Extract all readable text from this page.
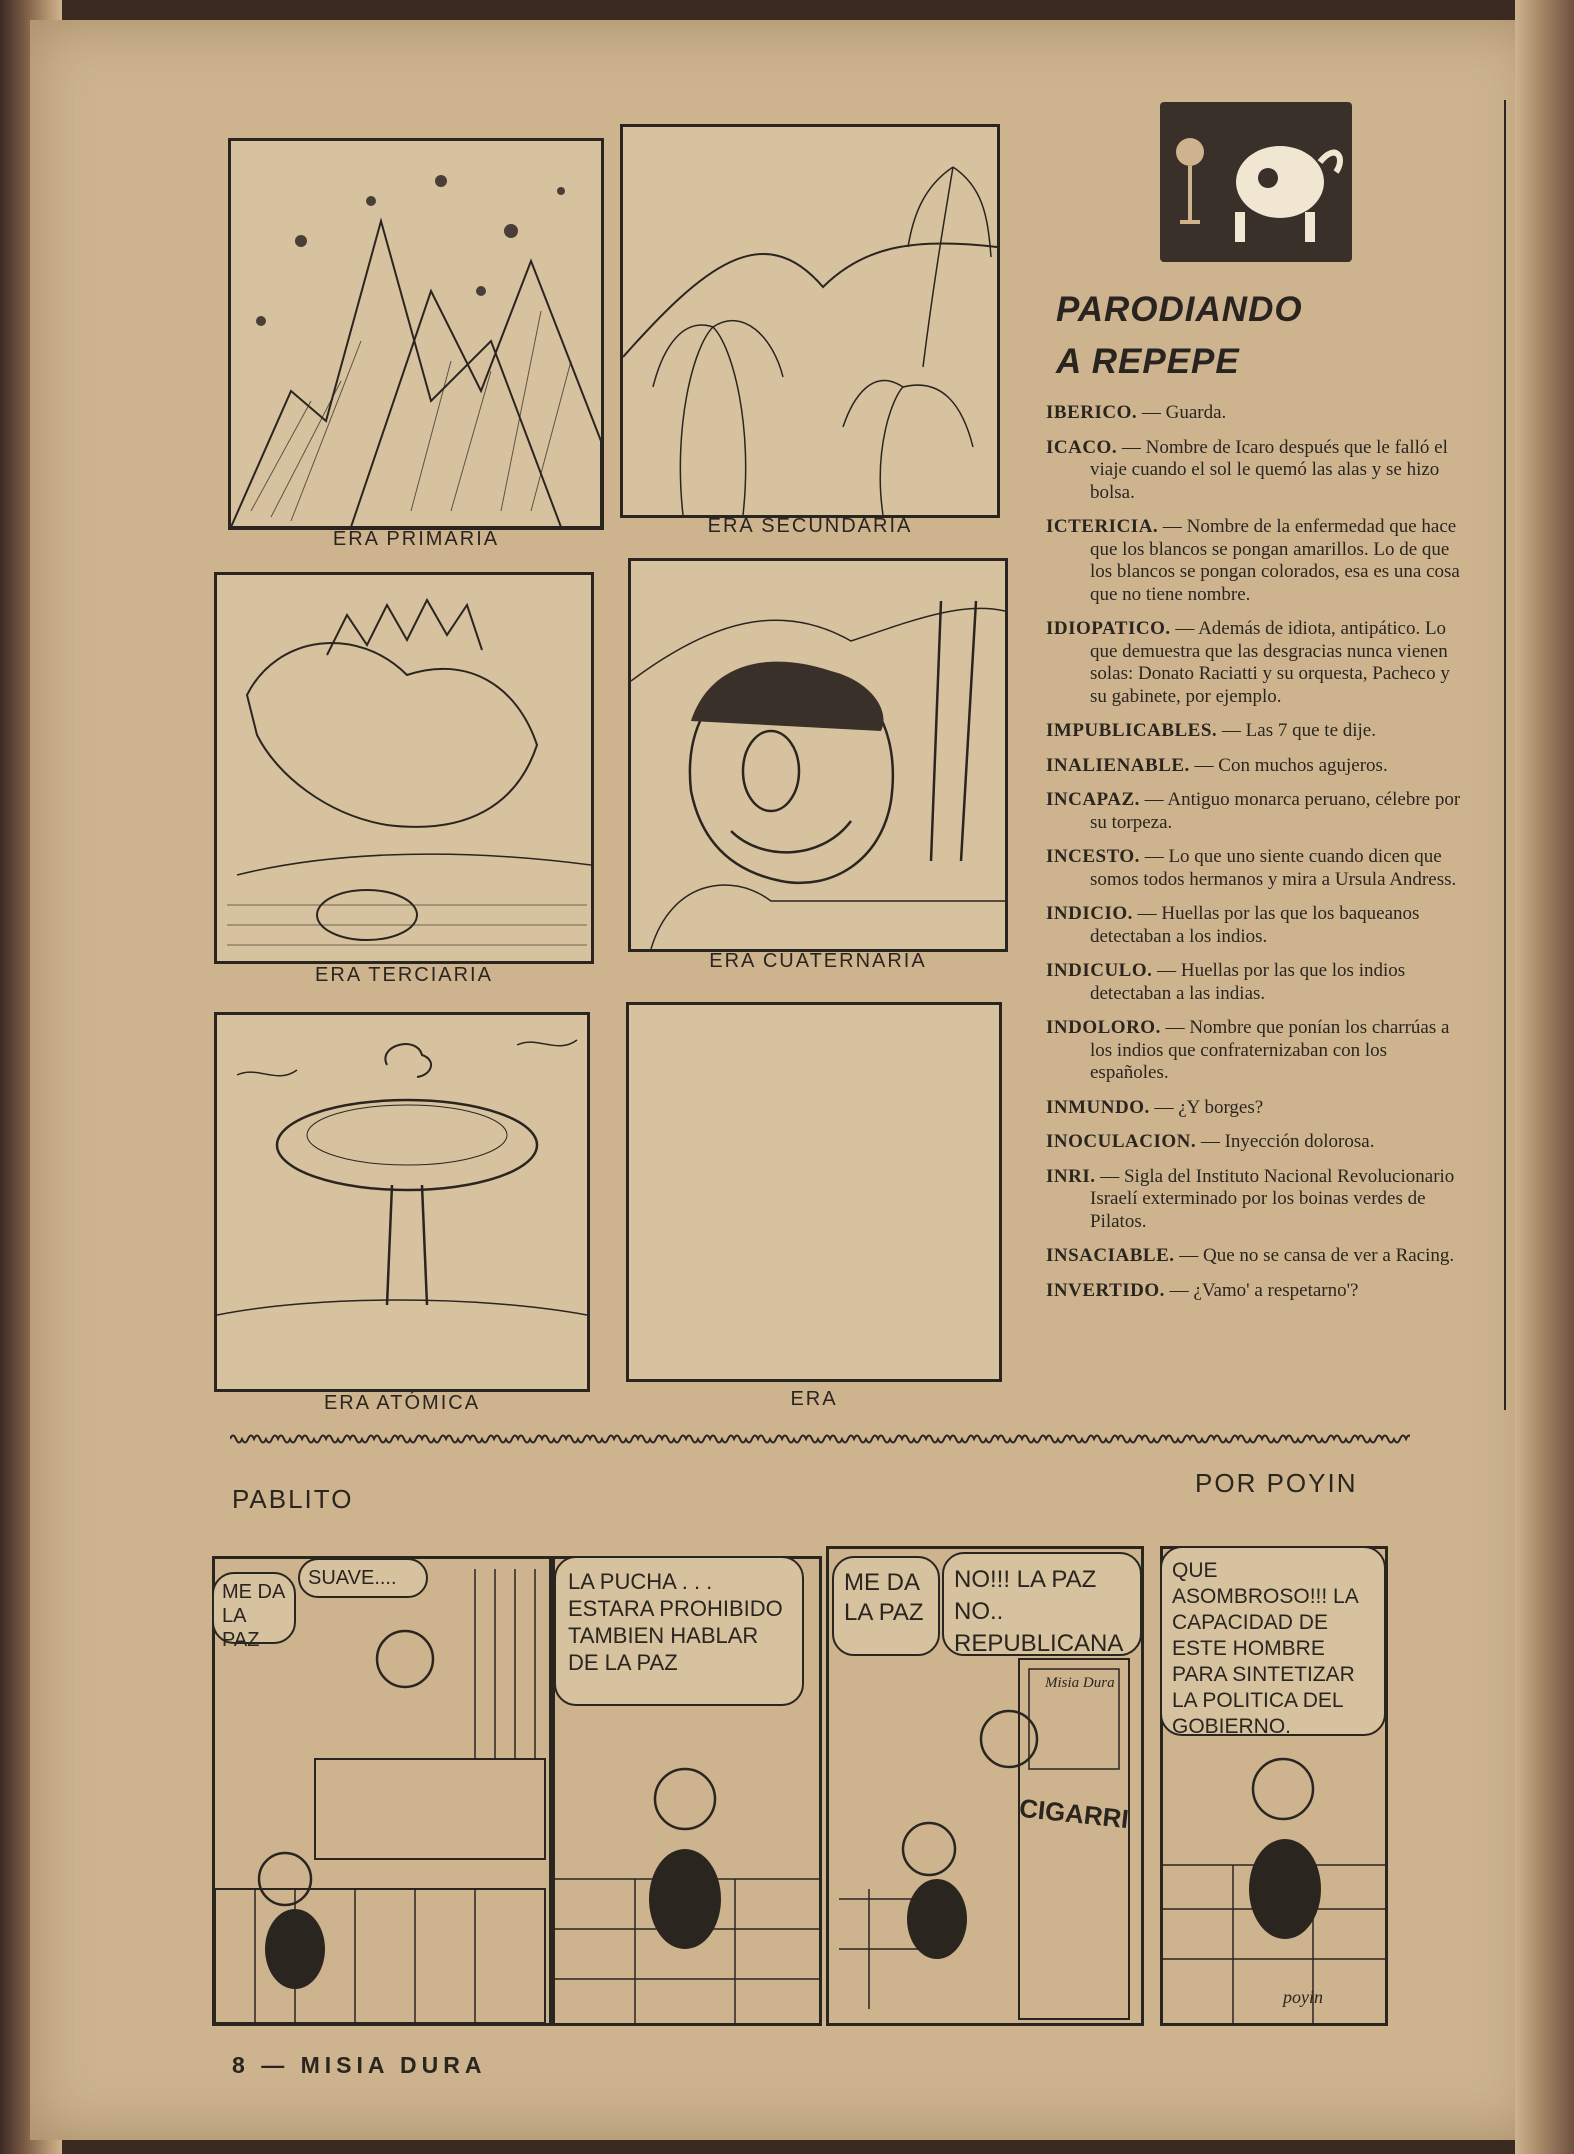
ERA PRIMARIA
ERA SECUNDARIA
ERA TERCIARIA
ERA CUATERNARIA
ERA ATÓMICA	ERA
PARODIANDO
A REPEPE
IBERICO. — Guarda.
ICACO. — Nombre de Icaro después que le falló el viaje cuando el sol le quemó las alas y se hizo bolsa.
ICTERICIA. — Nombre de la enfermedad que hace que los blancos se pongan amarillos. Lo de que los blancos se pongan colorados, esa es una cosa que no tiene nombre.
IDIOPATICO. — Además de idiota, antipático. Lo que demuestra que las desgracias nunca vienen solas: Donato Raciatti y su orquesta, Pacheco y su gabinete, por ejemplo.
IMPUBLICABLES. — Las 7 que te dije.
INALIENABLE. — Con muchos agujeros.
INCAPAZ. — Antiguo monarca peruano, célebre por su torpeza.
INCESTO. — Lo que uno siente cuando dicen que somos todos hermanos y mira a Ursula Andress.
INDICIO. — Huellas por las que los baqueanos detectaban a los indios.
INDICULO. — Huellas por las que los indios detectaban a las indias.
INDOLORO. — Nombre que ponían los charrúas a los indios que confraternizaban con los españoles.
INMUNDO. — ¿Y borges?
INOCULACION. — Inyección dolorosa.
INRI. — Sigla del Instituto Nacional Revolucionario Israelí exterminado por los boinas verdes de Pilatos.
INSACIABLE. — Que no se cansa de ver a Racing.
INVERTIDO. — ¿Vamo' a respetarno'?
PABLITO
POR POYIN
ME DA LA PAZ
SUAVE....	LA PUCHA . . . ESTARA PROHIBIDO TAMBIEN HABLAR DE LA PAZ
CIGARRI
Misia Dura
ME DA LA PAZ
NO!!! LA PAZ NO.. REPUBLICANA
poyin
QUE ASOMBROSO!!! LA CAPACIDAD DE ESTE HOMBRE PARA SINTETIZAR LA POLITICA DEL GOBIERNO.
8 — MISIA DURA
